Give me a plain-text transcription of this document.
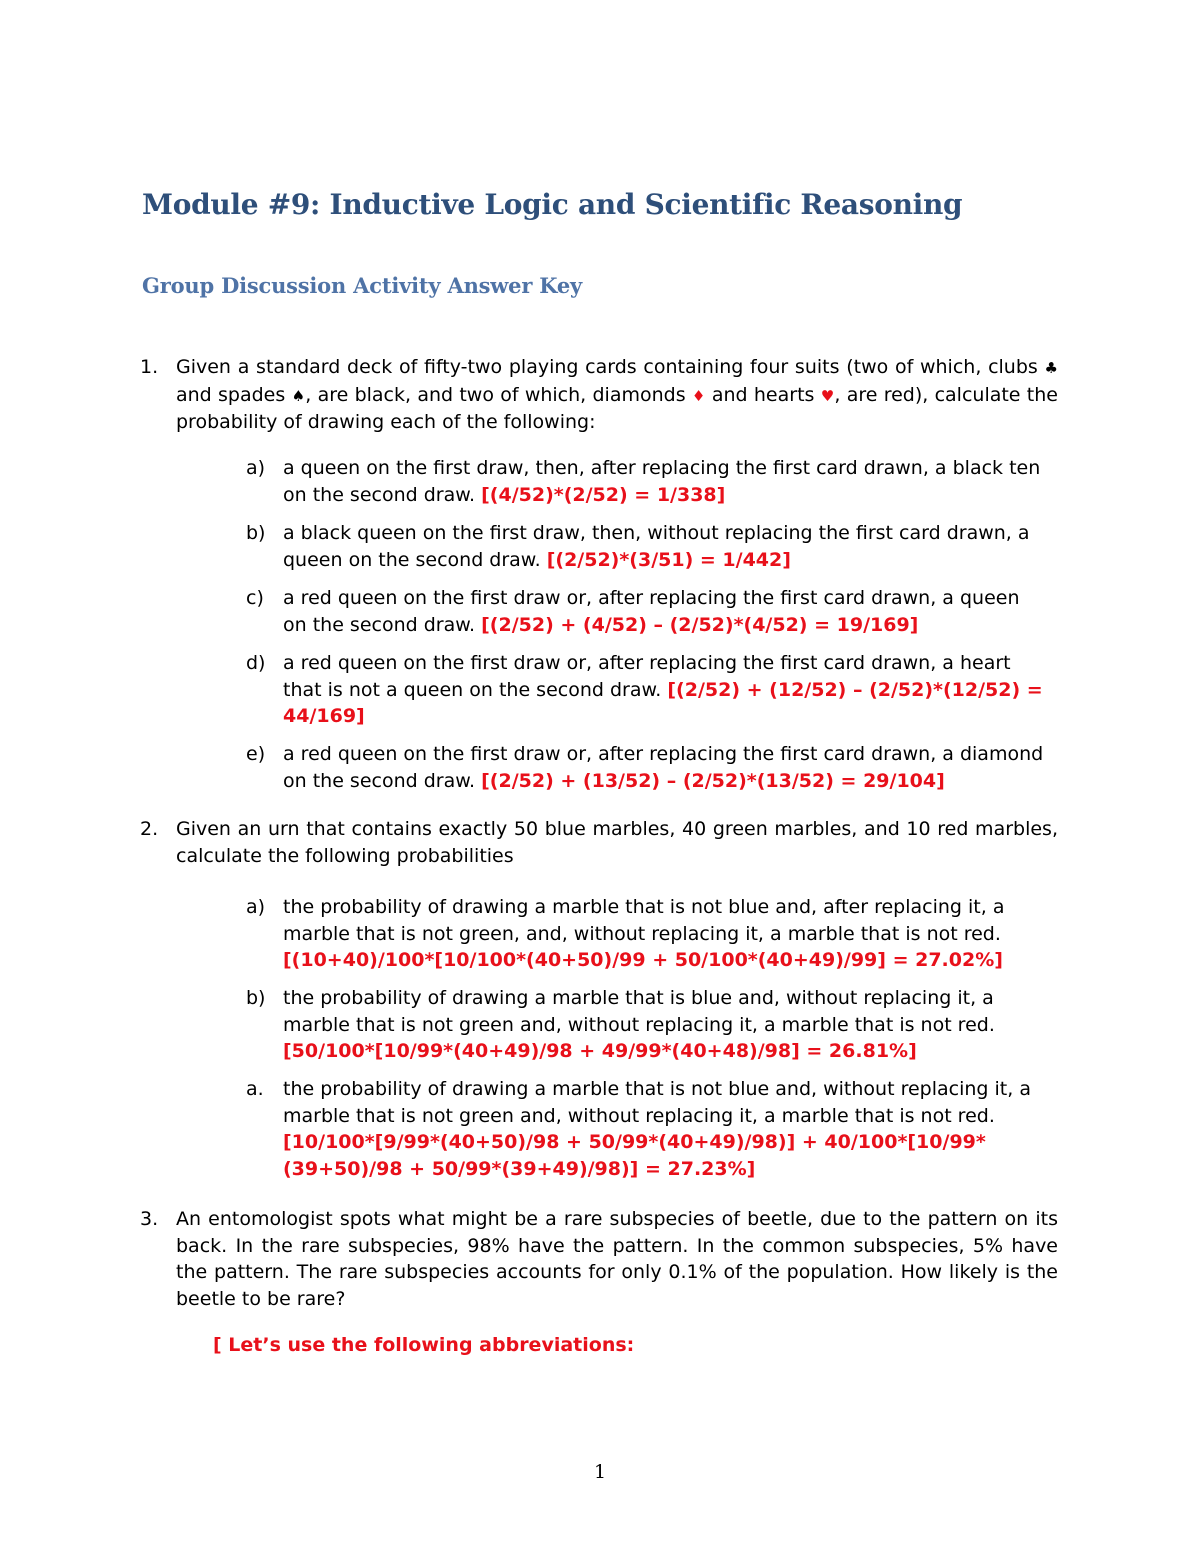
Module #9: Inductive Logic and Scientific Reasoning
Group Discussion Activity Answer Key
1. Given a standard deck of fifty-two playing cards containing four suits (two of which, clubs ♣ and spades ♠, are black, and two of which, diamonds ♦ and hearts ♥, are red), calculate the probability of drawing each of the following:
a) a queen on the first draw, then, after replacing the first card drawn, a black ten on the second draw. [(4/52)*(2/52) = 1/338]
b) a black queen on the first draw, then, without replacing the first card drawn, a queen on the second draw. [(2/52)*(3/51) = 1/442]
c) a red queen on the first draw or, after replacing the first card drawn, a queen on the second draw. [(2/52) + (4/52) – (2/52)*(4/52) = 19/169]
d) a red queen on the first draw or, after replacing the first card drawn, a heart that is not a queen on the second draw. [(2/52) + (12/52) – (2/52)*(12/52) = 44/169]
e) a red queen on the first draw or, after replacing the first card drawn, a diamond on the second draw. [(2/52) + (13/52) – (2/52)*(13/52) = 29/104]
2. Given an urn that contains exactly 50 blue marbles, 40 green marbles, and 10 red marbles, calculate the following probabilities
a) the probability of drawing a marble that is not blue and, after replacing it, a marble that is not green, and, without replacing it, a marble that is not red. [(10+40)/100*[10/100*(40+50)/99 + 50/100*(40+49)/99] = 27.02%]
b) the probability of drawing a marble that is blue and, without replacing it, a marble that is not green and, without replacing it, a marble that is not red. [50/100*[10/99*(40+49)/98 + 49/99*(40+48)/98] = 26.81%]
a. the probability of drawing a marble that is not blue and, without replacing it, a marble that is not green and, without replacing it, a marble that is not red. [10/100*[9/99*(40+50)/98 + 50/99*(40+49)/98)] + 40/100*[10/99*(39+50)/98 + 50/99*(39+49)/98)] = 27.23%]
3. An entomologist spots what might be a rare subspecies of beetle, due to the pattern on its back. In the rare subspecies, 98% have the pattern. In the common subspecies, 5% have the pattern. The rare subspecies accounts for only 0.1% of the population. How likely is the beetle to be rare?
[ Let’s use the following abbreviations:
1
